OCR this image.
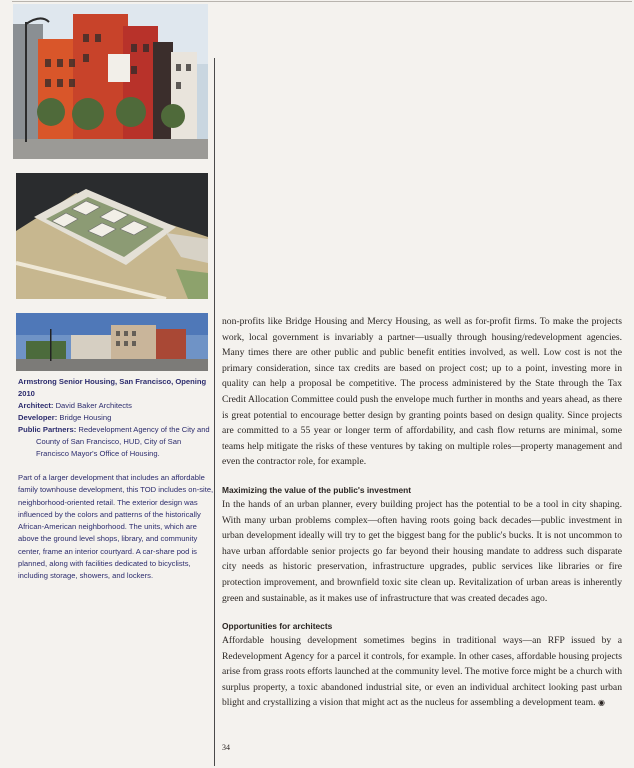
Armstrong Senior Housing, San Francisco, Opening 2010

Architect: David Baker Architects

Developer: Bridge Housing

Public Partners: Redevelopment Agency of the City and County of San Francisco, HUD, City of San Francisco Mayor's Office of Housing.

Part of a larger development that includes an affordable family townhouse development, this TOD includes on-site, neighborhood-oriented retail. The exterior design was influenced by the colors and patterns of the historically African-American neighborhood. The units, which are above the ground level shops, library, and community center, frame an interior courtyard. A car-share pod is planned, along with facilities dedicated to bicyclists, including storage, showers, and lockers.

non-profits like Bridge Housing and Mercy Housing, as well as for-profit firms. To make the projects work, local government is invariably a partner—usually through housing/redevelopment agencies. Many times there are other public and public benefit entities involved, as well. Low cost is not the primary consideration, since tax credits are based on project cost; up to a point, investing more in quality can help a proposal be competitive. The process administered by the State through the Tax Credit Allocation Committee could push the envelope much further in months and years ahead, as there is great potential to encourage better design by granting points based on design quality. Since projects are committed to a 55 year or longer term of affordability, and cash flow returns are minimal, some teams help mitigate the risks of these ventures by taking on multiple roles—property management and even the contractor role, for example.

Maximizing the value of the public's investment

In the hands of an urban planner, every building project has the potential to be a tool in city shaping. With many urban problems complex—often having roots going back decades—public investment in urban development ideally will try to get the biggest bang for the public's bucks. It is not uncommon to have urban affordable senior projects go far beyond their housing mandate to address such disparate city needs as historic preservation, infrastructure upgrades, public services like libraries or fire protection improvement, and brownfield toxic site clean up. Revitalization of urban areas is inherently green and sustainable, as it makes use of infrastructure that was created decades ago.

Opportunities for architects

Affordable housing development sometimes begins in traditional ways—an RFP issued by a Redevelopment Agency for a parcel it controls, for example. In other cases, affordable housing projects arise from grass roots efforts launched at the community level. The motive force might be a church with surplus property, a toxic abandoned industrial site, or even an individual architect looking past urban blight and crystallizing a vision that might act as the nucleus for assembling a development team. ◉

34
